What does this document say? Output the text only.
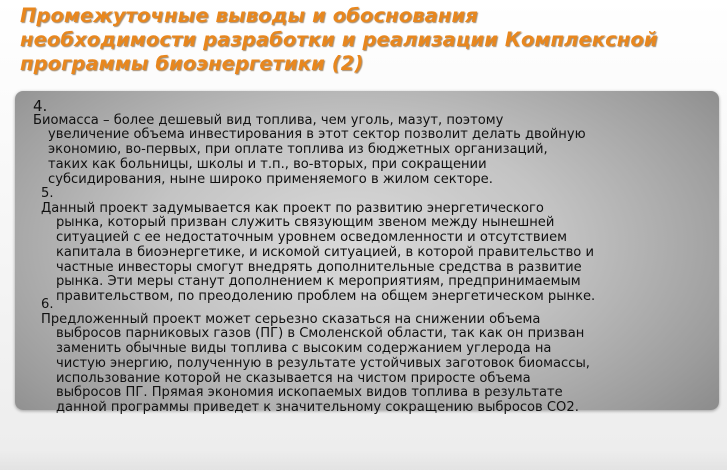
Промежуточные выводы и обоснования
необходимости разработки и реализации Комплексной
программы биоэнергетики (2)
4.
Биомасса – более дешевый вид топлива, чем уголь, мазут, поэтому
увеличение объема инвестирования в этот сектор позволит делать двойную
экономию, во-первых, при оплате топлива из бюджетных организаций,
таких как больницы, школы и т.п., во-вторых, при сокращении
субсидирования, ныне широко применяемого в жилом секторе.
5.
Данный проект задумывается как проект по развитию энергетического
рынка, который призван служить связующим звеном между нынешней
ситуацией с ее недостаточным уровнем осведомленности и отсутствием
капитала в биоэнергетике, и искомой ситуацией, в которой правительство и
частные инвесторы смогут внедрять дополнительные средства в развитие
рынка. Эти меры станут дополнением к мероприятиям, предпринимаемым
правительством, по преодолению проблем на общем энергетическом рынке.
6.
Предложенный проект может серьезно сказаться на снижении объема
выбросов парниковых газов (ПГ) в Смоленской области, так как он призван
заменить обычные виды топлива с высоким содержанием углерода на
чистую энергию, полученную в результате устойчивых заготовок биомассы,
использование которой не сказывается на чистом приросте объема
выбросов ПГ. Прямая экономия ископаемых видов топлива в результате
данной программы приведет к значительному сокращению выбросов СО2.
